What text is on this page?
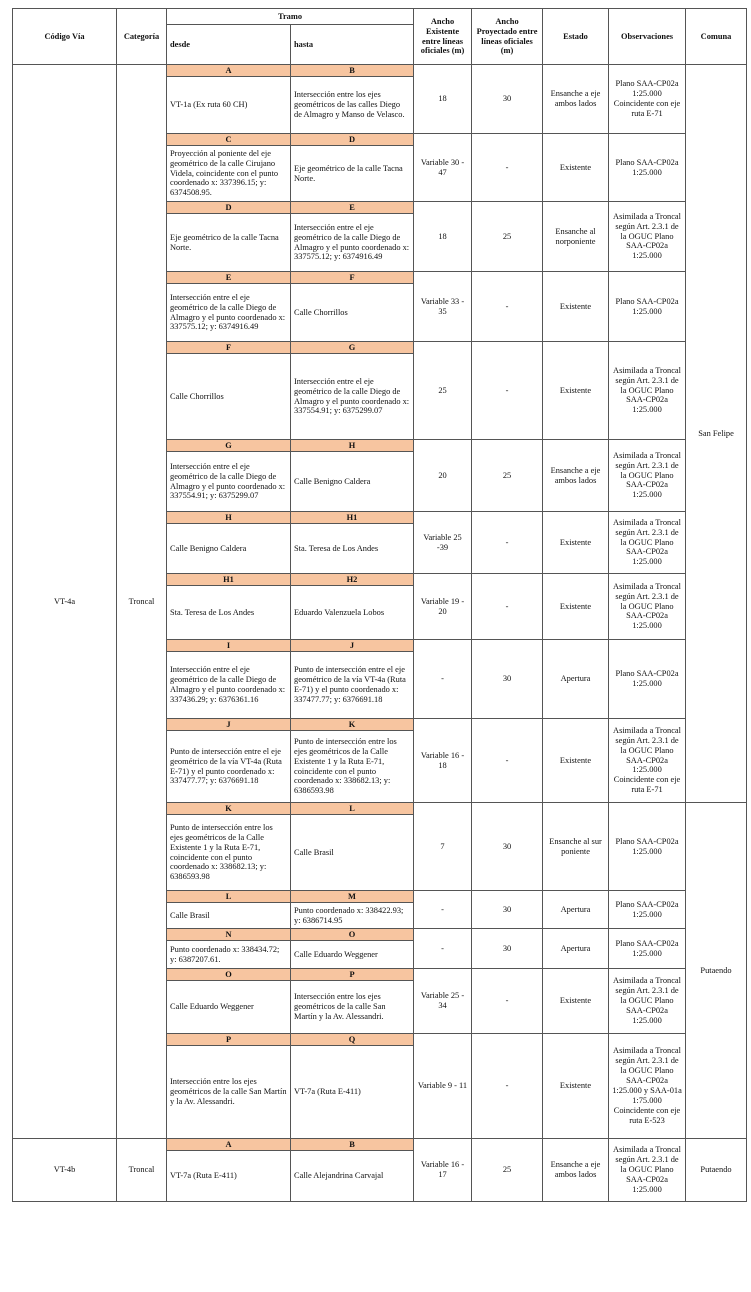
Código Vía	Categoría	Tramo		Ancho Existente entre líneas oficiales (m)	Ancho Proyectado entre líneas oficiales (m)	Estado	Observaciones	Comuna
		desde	hasta					
VT-4a	Troncal	A	B	18	30	Ensanche a eje ambos lados	Plano SAA-CP02a 1:25.000 Coincidente con eje ruta E-71	San Felipe
		VT-1a (Ex ruta 60 CH)	Intersección entre los ejes geométricos de las calles Diego de Almagro y Manso de Velasco.					
		C	D	Variable 30 - 47	-	Existente	Plano SAA-CP02a 1:25.000	
		Proyección al poniente del eje geométrico de la calle Cirujano Videla, coincidente con el punto coordenado x: 337396.15; y: 6374508.95.	Eje geométrico de la calle Tacna Norte.					
		D	E	18	25	Ensanche al norponiente	Asimilada a Troncal según Art. 2.3.1 de la OGUC Plano SAA-CP02a 1:25.000	
		Eje geométrico de la calle Tacna Norte.	Intersección entre el eje geométrico de la calle Diego de Almagro y el punto coordenado x: 337575.12; y: 6374916.49					
		E	F	Variable 33 - 35	-	Existente	Plano SAA-CP02a 1:25.000	
		Intersección entre el eje geométrico de la calle Diego de Almagro y el punto coordenado x: 337575.12; y: 6374916.49	Calle Chorrillos					
		F	G	25	-	Existente	Asimilada a Troncal según Art. 2.3.1 de la OGUC Plano SAA-CP02a 1:25.000	
		Calle Chorrillos	Intersección entre el eje geométrico de la calle Diego de Almagro y el punto coordenado x: 337554.91; y: 6375299.07					
		G	H	20	25	Ensanche a eje ambos lados	Asimilada a Troncal según Art. 2.3.1 de la OGUC Plano SAA-CP02a 1:25.000	
		Intersección entre el eje geométrico de la calle Diego de Almagro y el punto coordenado x: 337554.91; y: 6375299.07	Calle Benigno Caldera					
		H	H1	Variable 25 -39	-	Existente	Asimilada a Troncal según Art. 2.3.1 de la OGUC Plano SAA-CP02a 1:25.000	
		Calle Benigno Caldera	Sta. Teresa de Los Andes					
		H1	H2	Variable 19 - 20	-	Existente	Asimilada a Troncal según Art. 2.3.1 de la OGUC Plano SAA-CP02a 1:25.000	
		Sta. Teresa de Los Andes	Eduardo Valenzuela Lobos					
		I	J	-	30	Apertura	Plano SAA-CP02a 1:25.000	
		Intersección entre el eje geométrico de la calle Diego de Almagro y el punto coordenado x: 337436.29; y: 6376361.16	Punto de intersección entre el eje geométrico de la vía VT-4a (Ruta E-71) y el punto coordenado x: 337477.77; y: 6376691.18					
		J	K	Variable 16 - 18	-	Existente	Asimilada a Troncal según Art. 2.3.1 de la OGUC Plano SAA-CP02a 1:25.000 Coincidente con eje ruta E-71	
		Punto de intersección entre el eje geométrico de la vía VT-4a (Ruta E-71) y el punto coordenado x: 337477.77; y: 6376691.18	Punto de intersección entre los ejes geométricos de la Calle Existente 1 y la Ruta E-71, coincidente con el punto coordenado x: 338682.13; y: 6386593.98					
		K	L	7	30	Ensanche al sur poniente	Plano SAA-CP02a 1:25.000	Putaendo
		Punto de intersección entre los ejes geométricos de la Calle Existente 1 y la Ruta E-71, coincidente con el punto coordenado x: 338682.13; y: 6386593.98	Calle Brasil					
		L	M	-	30	Apertura	Plano SAA-CP02a 1:25.000	
		Calle Brasil	Punto coordenado x: 338422.93; y: 6386714.95					
		N	O	-	30	Apertura	Plano SAA-CP02a 1:25.000	
		Punto coordenado x: 338434.72; y: 6387207.61.	Calle Eduardo Weggener					
		O	P	Variable 25 - 34	-	Existente	Asimilada a Troncal según Art. 2.3.1 de la OGUC Plano SAA-CP02a 1:25.000	
		Calle Eduardo Weggener	Intersección entre los ejes geométricos de la calle San Martín y la Av. Alessandri.					
		P	Q	Variable 9 - 11	-	Existente	Asimilada a Troncal según Art. 2.3.1 de la OGUC Plano SAA-CP02a 1:25.000 y SAA-01a 1:75.000 Coincidente con eje ruta E-523	
		Intersección entre los ejes geométricos de la calle San Martín y la Av. Alessandri.	VT-7a (Ruta E-411)					
VT-4b	Troncal	A	B	Variable 16 - 17	25	Ensanche a eje ambos lados	Asimilada a Troncal según Art. 2.3.1 de la OGUC Plano SAA-CP02a 1:25.000	Putaendo
		VT-7a (Ruta E-411)	Calle Alejandrina Carvajal					
